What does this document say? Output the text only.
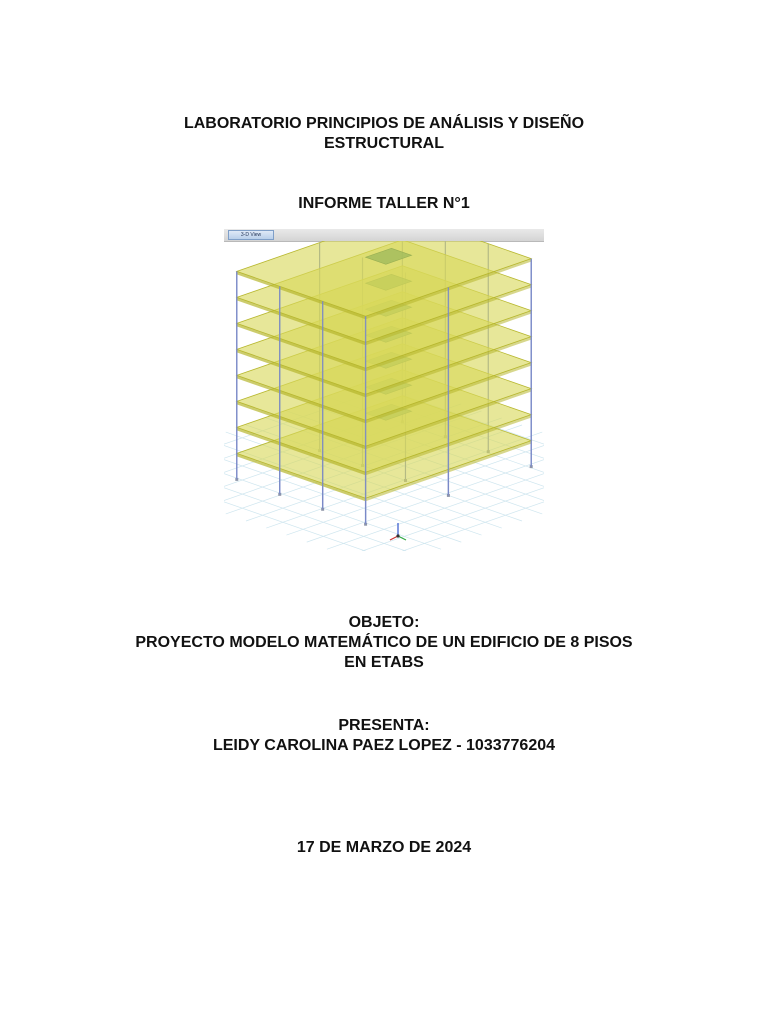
LABORATORIO PRINCIPIOS DE ANÁLISIS Y DISEÑO
ESTRUCTURAL
INFORME TALLER N°1
3-D View
OBJETO:
PROYECTO MODELO MATEMÁTICO DE UN EDIFICIO DE 8 PISOS
EN ETABS
PRESENTA:
LEIDY CAROLINA PAEZ LOPEZ - 1033776204
17 DE MARZO DE 2024
